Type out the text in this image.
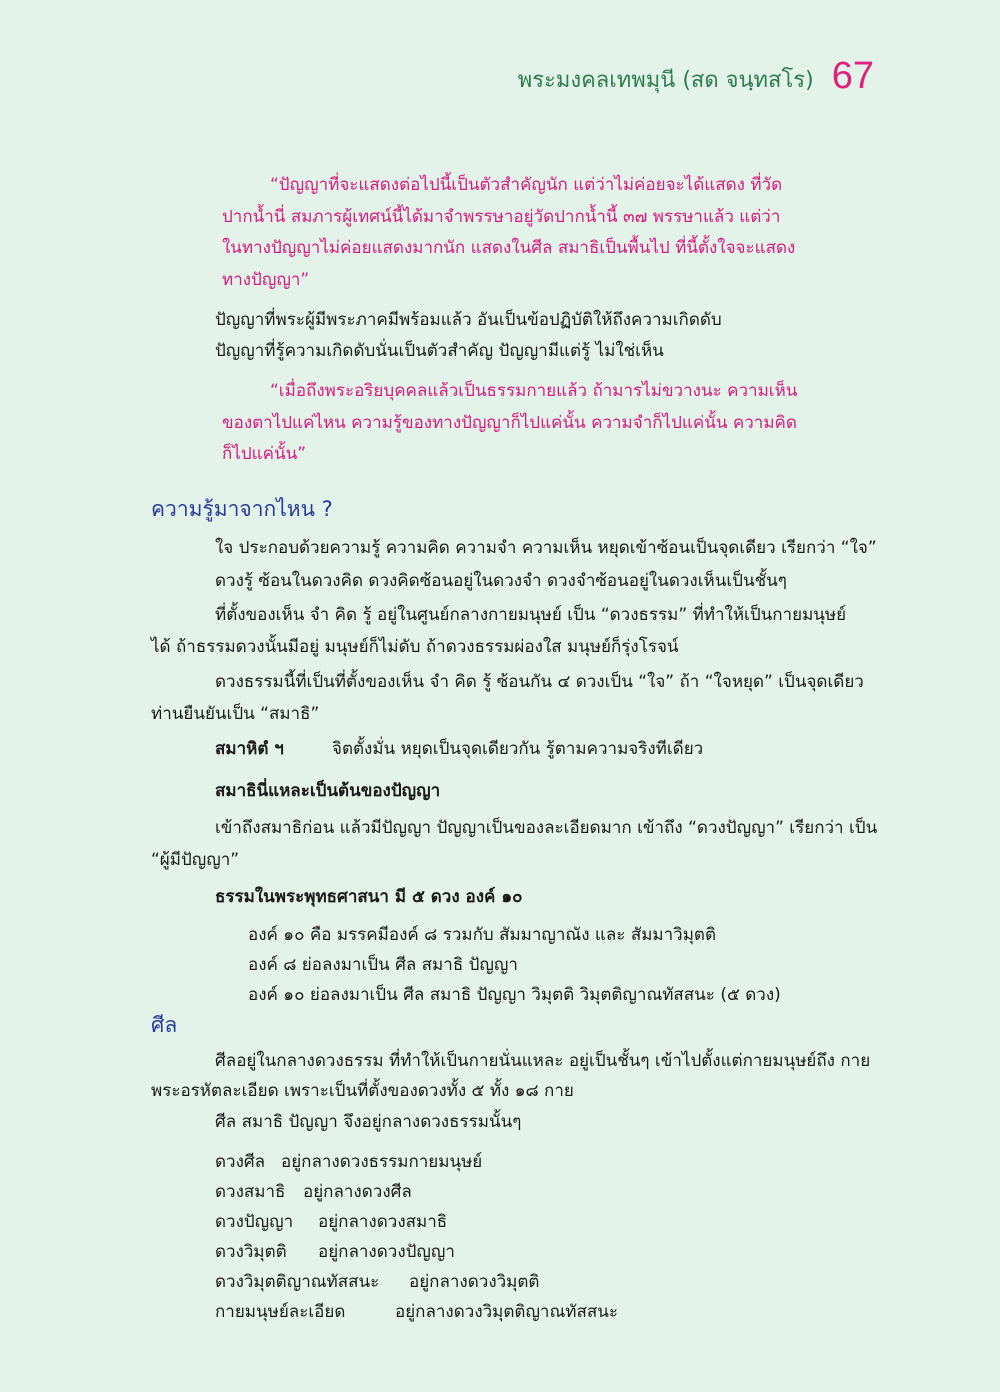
พระมงคลเทพมุนี (สด จนฺทสโร) 67
“ปัญญาที่จะแสดงต่อไปนี้เป็นตัวสำคัญนัก แต่ว่าไม่ค่อยจะได้แสดง ที่วัด
ปากน้ำนี่ สมภารผู้เทศน์นี้ได้มาจำพรรษาอยู่วัดปากน้ำนี้ ๓๗ พรรษาแล้ว แต่ว่า
ในทางปัญญาไม่ค่อยแสดงมากนัก แสดงในศีล สมาธิเป็นพื้นไป ที่นี้ตั้งใจจะแสดง
ทางปัญญา”
ปัญญาที่พระผู้มีพระภาคมีพร้อมแล้ว อันเป็นข้อปฏิบัติให้ถึงความเกิดดับ
ปัญญาที่รู้ความเกิดดับนั่นเป็นตัวสำคัญ ปัญญามีแต่รู้ ไม่ใช่เห็น
“เมื่อถึงพระอริยบุคคลแล้วเป็นธรรมกายแล้ว ถ้ามารไม่ขวางนะ ความเห็น
ของตาไปแค่ไหน ความรู้ของทางปัญญาก็ไปแค่นั้น ความจำก็ไปแค่นั้น ความคิด
ก็ไปแค่นั้น”
ความรู้มาจากไหน ?
ใจ ประกอบด้วยความรู้ ความคิด ความจำ ความเห็น หยุดเข้าซ้อนเป็นจุดเดียว เรียกว่า “ใจ”
ดวงรู้ ซ้อนในดวงคิด ดวงคิดซ้อนอยู่ในดวงจำ ดวงจำซ้อนอยู่ในดวงเห็นเป็นชั้นๆ
ที่ตั้งของเห็น จำ คิด รู้ อยู่ในศูนย์กลางกายมนุษย์ เป็น “ดวงธรรม” ที่ทำให้เป็นกายมนุษย์
ได้ ถ้าธรรมดวงนั้นมีอยู่ มนุษย์ก็ไม่ดับ ถ้าดวงธรรมผ่องใส มนุษย์ก็รุ่งโรจน์
ดวงธรรมนี้ที่เป็นที่ตั้งของเห็น จำ คิด รู้ ซ้อนกัน ๔ ดวงเป็น “ใจ” ถ้า “ใจหยุด” เป็นจุดเดียว
ท่านยืนยันเป็น “สมาธิ”
สมาหิตํ ฯ	จิตตั้งมั่น หยุดเป็นจุดเดียวกัน รู้ตามความจริงทีเดียว
สมาธินี่แหละเป็นต้นของปัญญา
เข้าถึงสมาธิก่อน แล้วมีปัญญา ปัญญาเป็นของละเอียดมาก เข้าถึง “ดวงปัญญา” เรียกว่า เป็น
“ผู้มีปัญญา”
ธรรมในพระพุทธศาสนา มี ๕ ดวง องค์ ๑๐
องค์ ๑๐ คือ มรรคมีองค์ ๘ รวมกับ สัมมาญาณัง และ สัมมาวิมุตติ
องค์ ๘ ย่อลงมาเป็น ศีล สมาธิ ปัญญา
องค์ ๑๐ ย่อลงมาเป็น ศีล สมาธิ ปัญญา วิมุตติ วิมุตติญาณทัสสนะ (๕ ดวง)
ศีล
ศีลอยู่ในกลางดวงธรรม ที่ทำให้เป็นกายนั่นแหละ อยู่เป็นชั้นๆ เข้าไปตั้งแต่กายมนุษย์ถึง กาย
พระอรหัตละเอียด เพราะเป็นที่ตั้งของดวงทั้ง ๕ ทั้ง ๑๘ กาย
ศีล สมาธิ ปัญญา จึงอยู่กลางดวงธรรมนั้นๆ
ดวงศีล อยู่กลางดวงธรรมกายมนุษย์
ดวงสมาธิ อยู่กลางดวงศีล
ดวงปัญญา อยู่กลางดวงสมาธิ
ดวงวิมุตติ อยู่กลางดวงปัญญา
ดวงวิมุตติญาณทัสสนะ อยู่กลางดวงวิมุตติ
กายมนุษย์ละเอียด	อยู่กลางดวงวิมุตติญาณทัสสนะ
